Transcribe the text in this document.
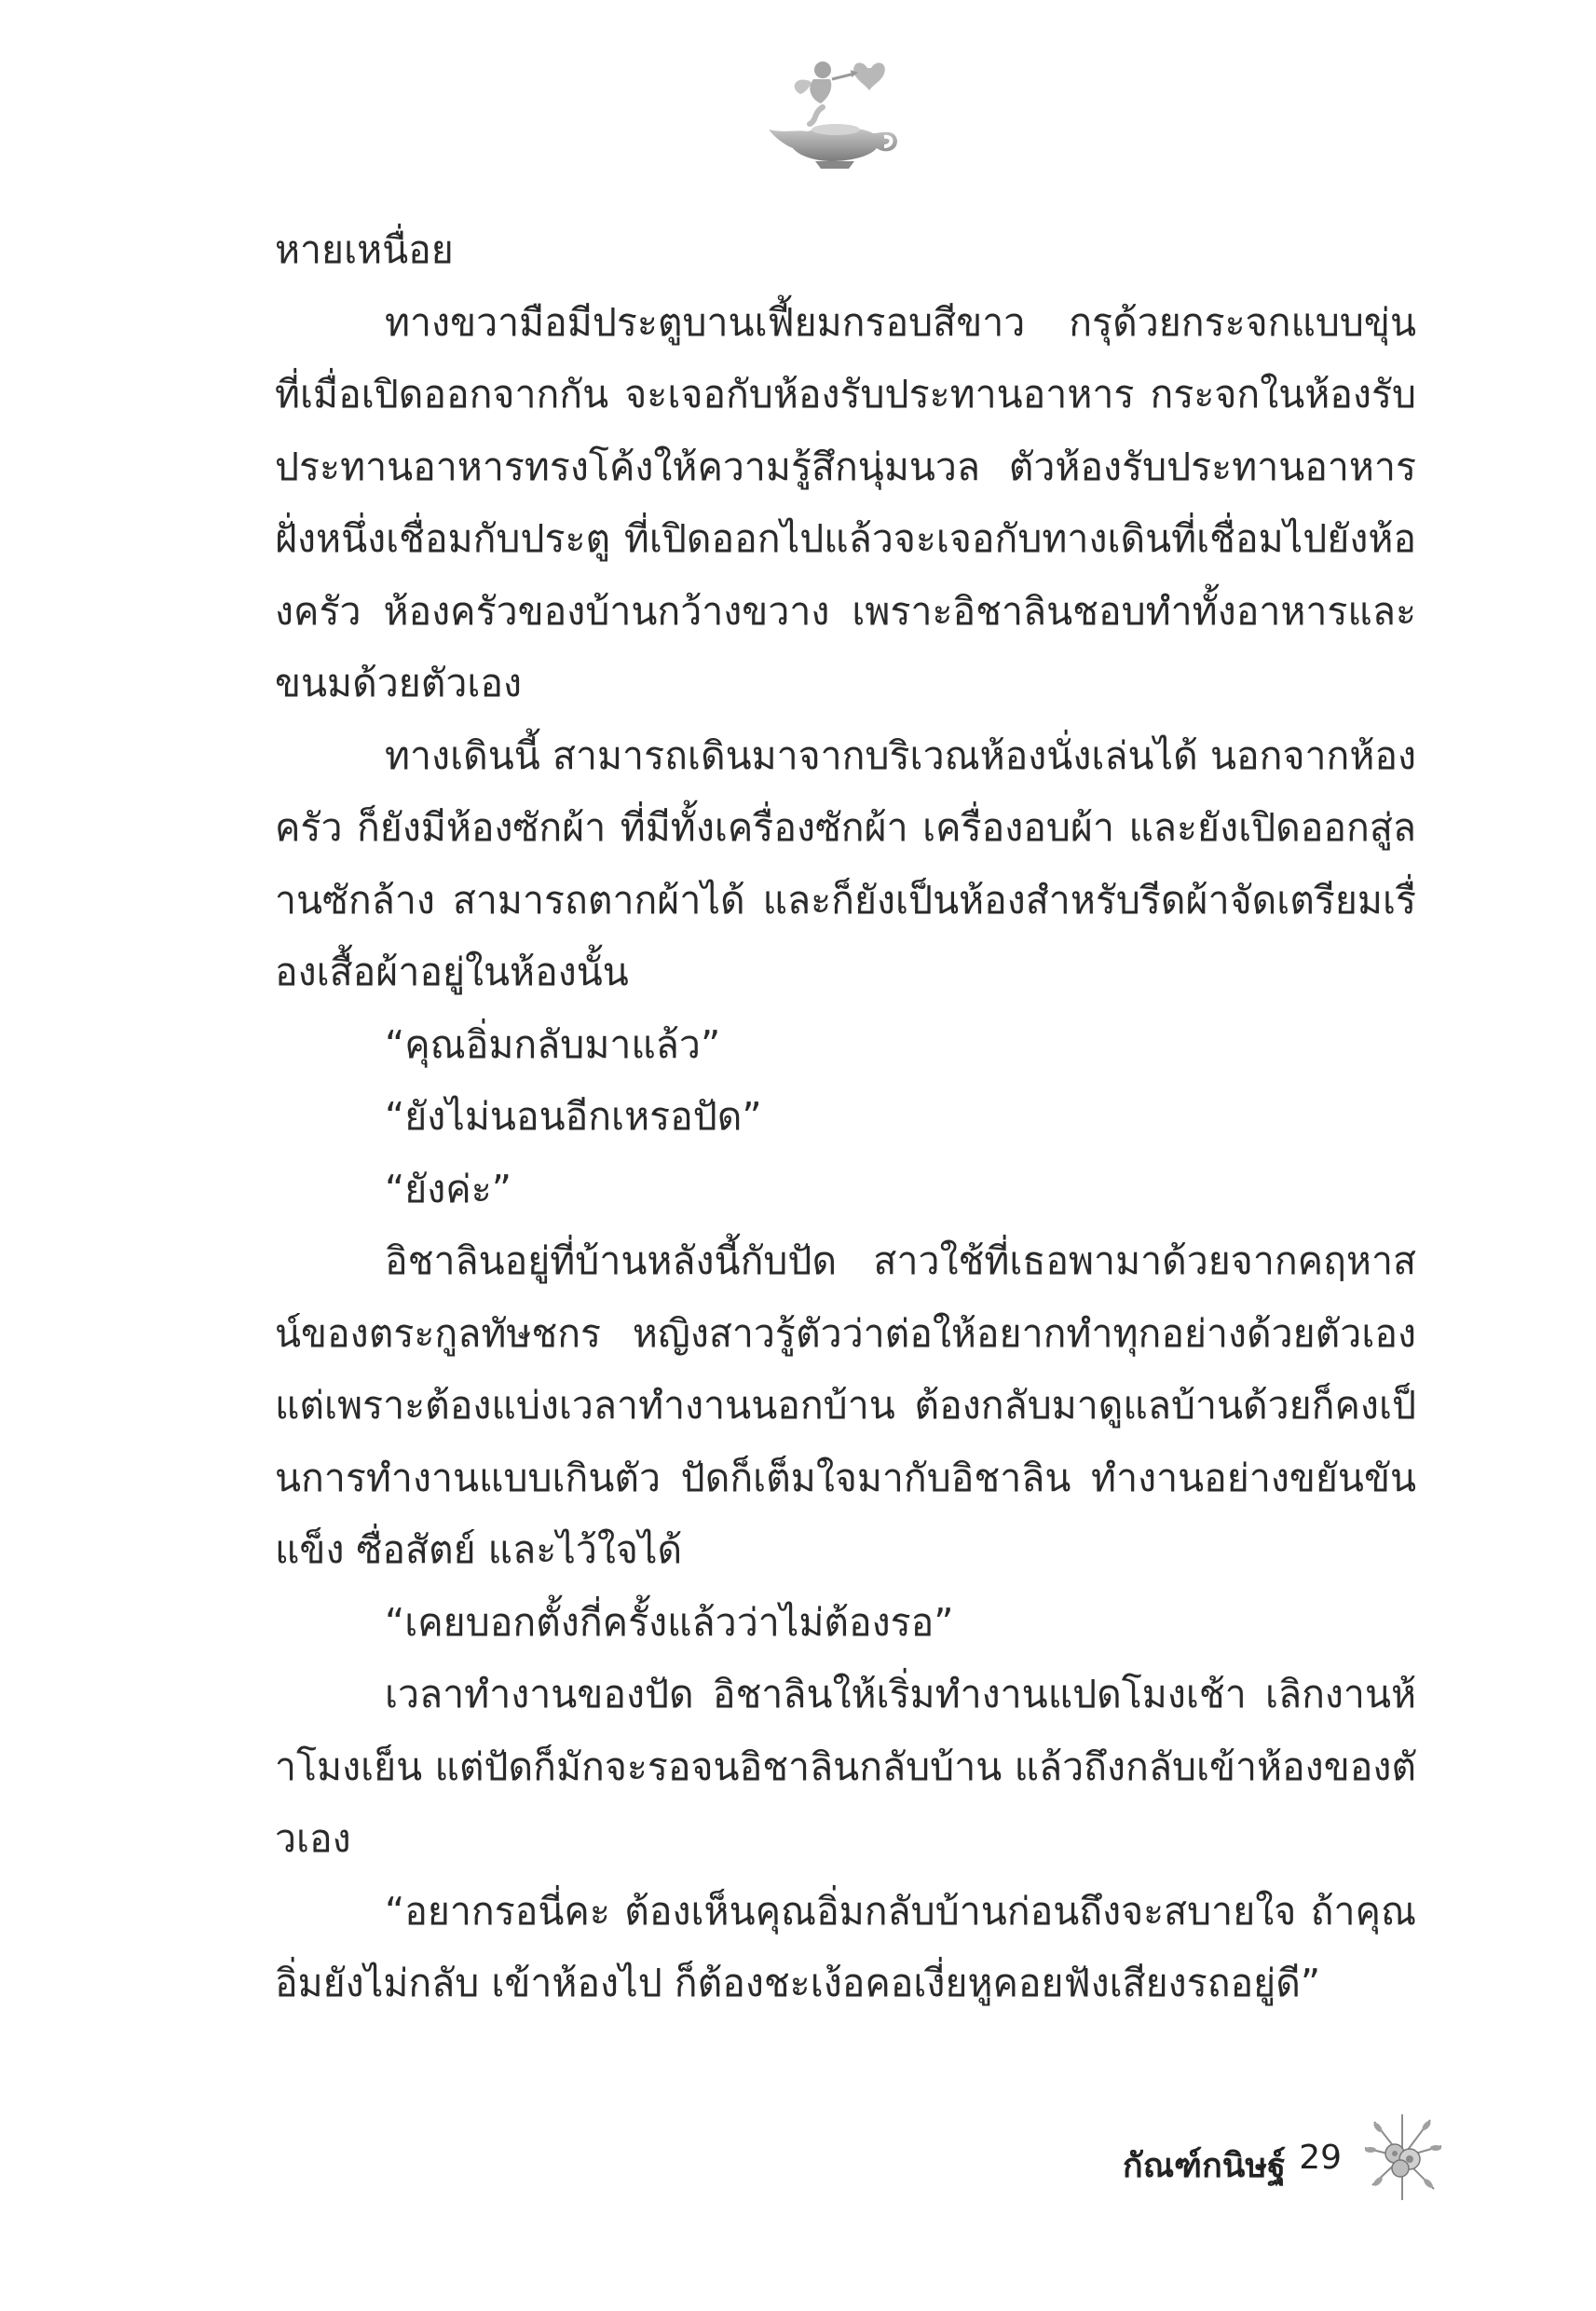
หายเหนื่อย

ทางขวามือมีประตูบานเฟี้ยมกรอบสีขาว กรุด้วยกระจกแบบขุ่น ที่เมื่อเปิดออกจากกัน จะเจอกับห้องรับประทานอาหาร กระจกในห้องรับประทานอาหารทรงโค้งให้ความรู้สึกนุ่มนวล ตัวห้องรับประทานอาหารฝั่งหนึ่งเชื่อมกับประตู ที่เปิดออกไปแล้วจะเจอกับทางเดินที่เชื่อมไปยังห้องครัว ห้องครัวของบ้านกว้างขวาง เพราะอิชาลินชอบทำทั้งอาหารและขนมด้วยตัวเอง

ทางเดินนี้ สามารถเดินมาจากบริเวณห้องนั่งเล่นได้ นอกจากห้องครัว ก็ยังมีห้องซักผ้า ที่มีทั้งเครื่องซักผ้า เครื่องอบผ้า และยังเปิดออกสู่ลานซักล้าง สามารถตากผ้าได้ และก็ยังเป็นห้องสำหรับรีดผ้าจัดเตรียมเรื่องเสื้อผ้าอยู่ในห้องนั้น

“คุณอิ่มกลับมาแล้ว”

“ยังไม่นอนอีกเหรอปัด”

“ยังค่ะ”

อิชาลินอยู่ที่บ้านหลังนี้กับปัด สาวใช้ที่เธอพามาด้วยจากคฤหาสน์ของตระกูลทัษชกร หญิงสาวรู้ตัวว่าต่อให้อยากทำทุกอย่างด้วยตัวเองแต่เพราะต้องแบ่งเวลาทำงานนอกบ้าน ต้องกลับมาดูแลบ้านด้วยก็คงเป็นการทำงานแบบเกินตัว ปัดก็เต็มใจมากับอิชาลิน ทำงานอย่างขยันขันแข็ง ซื่อสัตย์ และไว้ใจได้

“เคยบอกตั้งกี่ครั้งแล้วว่าไม่ต้องรอ”

เวลาทำงานของปัด อิชาลินให้เริ่มทำงานแปดโมงเช้า เลิกงานห้าโมงเย็น แต่ปัดก็มักจะรอจนอิชาลินกลับบ้าน แล้วถึงกลับเข้าห้องของตัวเอง

“อยากรอนี่คะ ต้องเห็นคุณอิ่มกลับบ้านก่อนถึงจะสบายใจ ถ้าคุณอิ่มยังไม่กลับ เข้าห้องไป ก็ต้องชะเง้อคอเงี่ยหูคอยฟังเสียงรถอยู่ดี”

กัณฑ์กนิษฐ์ 29
